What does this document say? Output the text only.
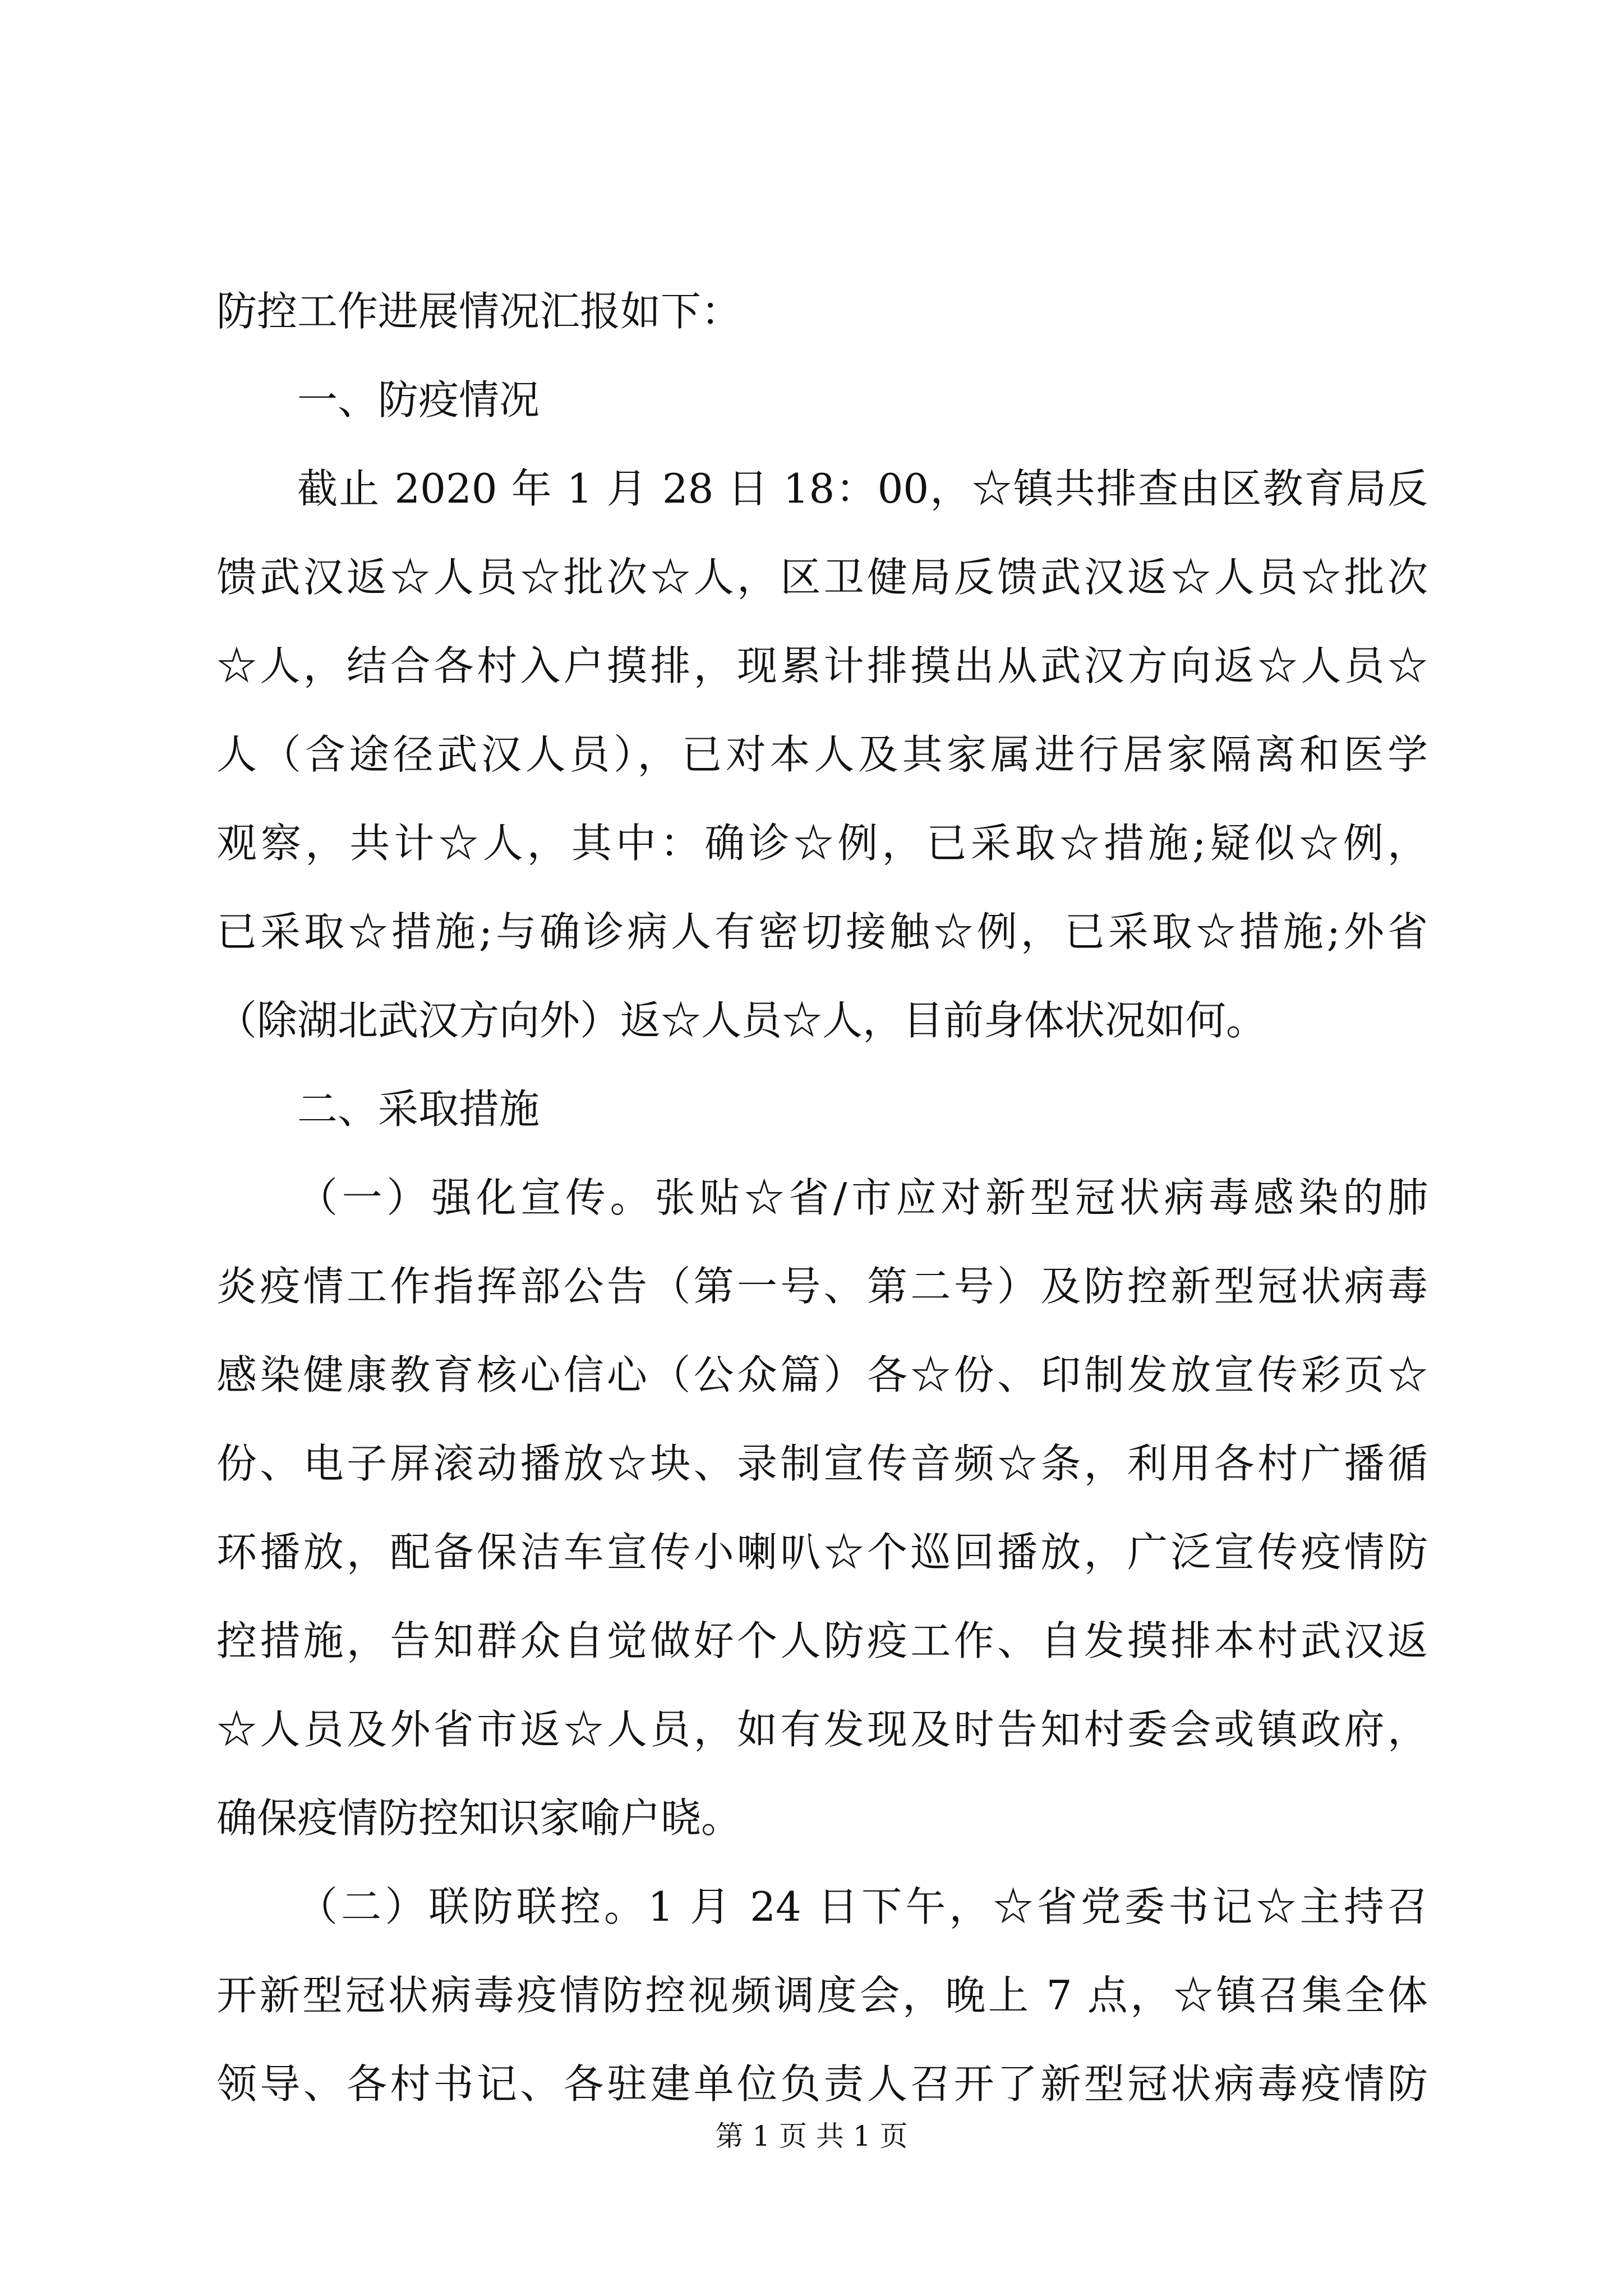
防控工作进展情况汇报如下：
一、防疫情况
截止 2020 年 1 月 28 日 18：00，☆镇共排查由区教育局反
馈武汉返☆人员☆批次☆人，区卫健局反馈武汉返☆人员☆批次
☆人，结合各村入户摸排，现累计排摸出从武汉方向返☆人员☆
人（含途径武汉人员），已对本人及其家属进行居家隔离和医学
观察，共计☆人，其中：确诊☆例，已采取☆措施;疑似☆例，
已采取☆措施;与确诊病人有密切接触☆例，已采取☆措施;外省
（除湖北武汉方向外）返☆人员☆人，目前身体状况如何。
二、采取措施
（一）强化宣传。张贴☆省/市应对新型冠状病毒感染的肺
炎疫情工作指挥部公告（第一号、第二号）及防控新型冠状病毒
感染健康教育核心信心（公众篇）各☆份、印制发放宣传彩页☆
份、电子屏滚动播放☆块、录制宣传音频☆条，利用各村广播循
环播放，配备保洁车宣传小喇叭☆个巡回播放，广泛宣传疫情防
控措施，告知群众自觉做好个人防疫工作、自发摸排本村武汉返
☆人员及外省市返☆人员，如有发现及时告知村委会或镇政府，
确保疫情防控知识家喻户晓。
（二）联防联控。1 月 24 日下午，☆省党委书记☆主持召
开新型冠状病毒疫情防控视频调度会，晚上 7 点，☆镇召集全体
领导、各村书记、各驻建单位负责人召开了新型冠状病毒疫情防
第 1 页 共 1 页
